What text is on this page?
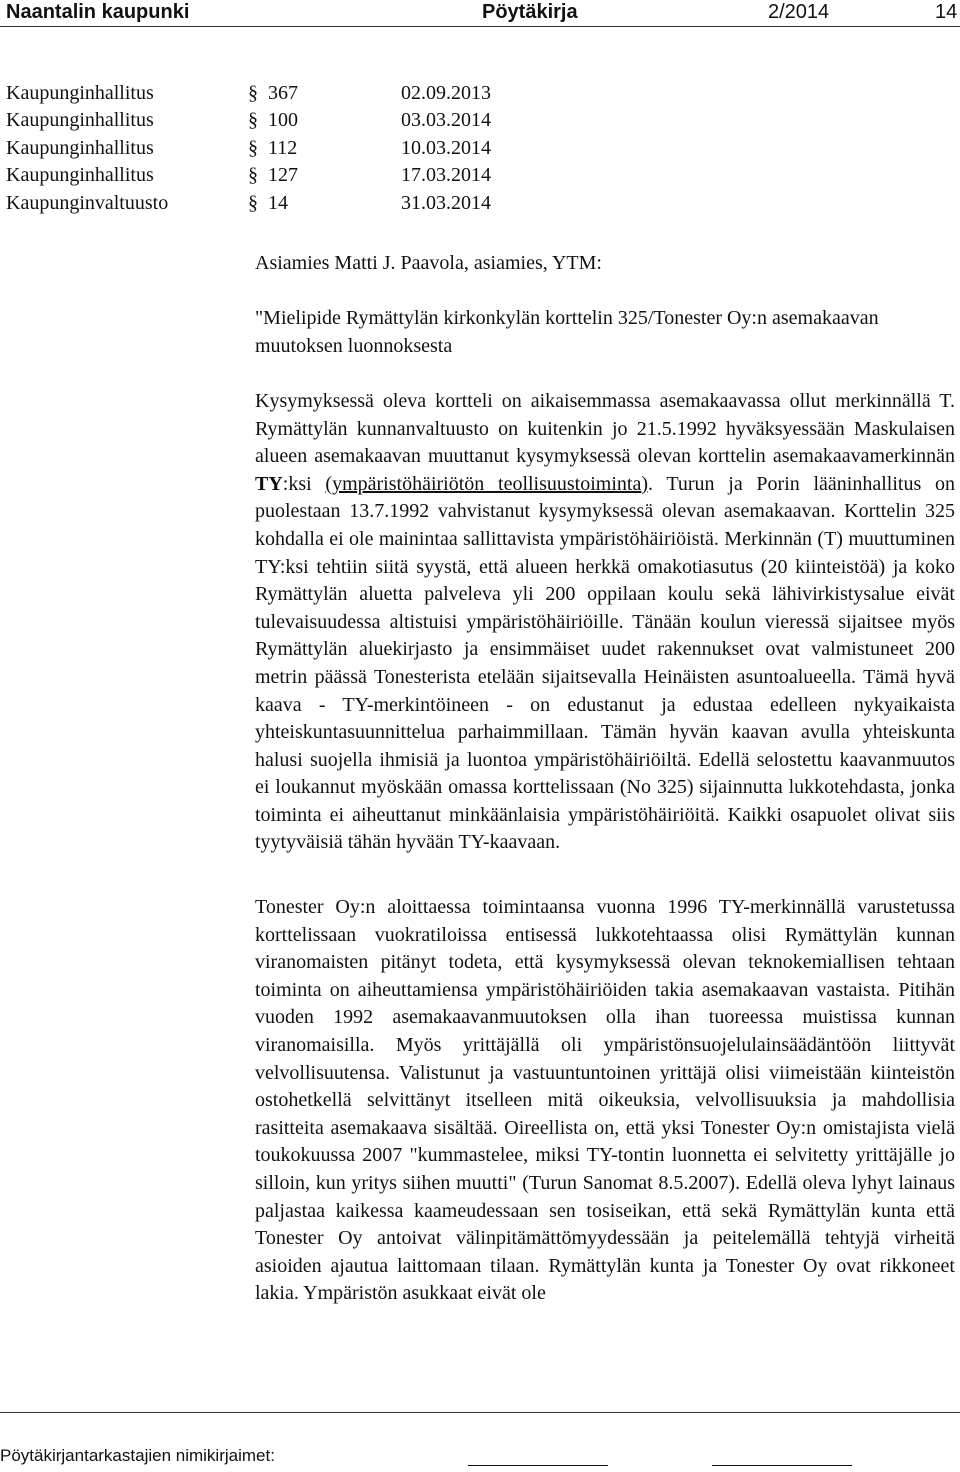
Naantalin kaupunki	Pöytäkirja	2/2014	14
Kaupunginhallitus §	367	02.09.2013
Kaupunginhallitus §	100	03.03.2014
Kaupunginhallitus §	112	10.03.2014
Kaupunginhallitus §	127	17.03.2014
Kaupunginvaltuusto §	14	31.03.2014

Asiamies Matti J. Paavola, asiamies, YTM:

"Mielipide Rymättylän kirkonkylän korttelin 325/Tonester Oy:n asemakaavan muutoksen luonnoksesta

Kysymyksessä oleva kortteli on aikaisemmassa asemakaavassa ollut merkinnällä T. Rymättylän kunnanvaltuusto on kuitenkin jo 21.5.1992 hyväksyessään Maskulaisen alueen asemakaavan muuttanut kysymyksessä olevan korttelin asemakaavamerkinnän TY:ksi (ympäristöhäiriötön teollisuustoiminta). Turun ja Porin lääninhallitus on puolestaan 13.7.1992 vahvistanut kysymyksessä olevan asemakaavan. Korttelin 325 kohdalla ei ole mainintaa sallittavista ympäristöhäiriöistä. Merkinnän (T) muuttuminen TY:ksi tehtiin siitä syystä, että alueen herkkä omakotiasutus (20 kiinteistöä) ja koko Rymättylän aluetta palveleva yli 200 oppilaan koulu sekä lähivirkistysalue eivät tulevaisuudessa altistuisi ympäristöhäiriöille. Tänään koulun vieressä sijaitsee myös Rymättylän aluekirjasto ja ensimmäiset uudet rakennukset ovat valmistuneet 200 metrin päässä Tonesterista etelään sijaitsevalla Heinäisten asuntoalueella. Tämä hyvä kaava - TY-merkintöineen - on edustanut ja edustaa edelleen nykyaikaista yhteiskuntasuunnittelua parhaimmillaan. Tämän hyvän kaavan avulla yhteiskunta halusi suojella ihmisiä ja luontoa ympäristöhäiriöiltä. Edellä selostettu kaavanmuutos ei loukannut myöskään omassa korttelissaan (No 325) sijainnutta lukkotehdasta, jonka toiminta ei aiheuttanut minkäänlaisia ympäristöhäiriöitä. Kaikki osapuolet olivat siis tyytyväisiä tähän hyvään TY-kaavaan.

Tonester Oy:n aloittaessa toimintaansa vuonna 1996 TY-merkinnällä varustetussa korttelissaan vuokratiloissa entisessä lukkotehtaassa olisi Rymättylän kunnan viranomaisten pitänyt todeta, että kysymyksessä olevan teknokemiallisen tehtaan toiminta on aiheuttamiensa ympäristöhäiriöiden takia asemakaavan vastaista. Pitihän vuoden 1992 asemakaavanmuutoksen olla ihan tuoreessa muistissa kunnan viranomaisilla. Myös yrittäjällä oli ympäristönsuojelulainsäädäntöön liittyvät velvollisuutensa. Valistunut ja vastuuntuntoinen yrittäjä olisi viimeistään kiinteistön ostohetkellä selvittänyt itselleen mitä oikeuksia, velvollisuuksia ja mahdollisia rasitteita asemakaava sisältää. Oireellista on, että yksi Tonester Oy:n omistajista vielä toukokuussa 2007 "kummastelee, miksi TY-tontin luonnetta ei selvitetty yrittäjälle jo silloin, kun yritys siihen muutti" (Turun Sanomat 8.5.2007). Edellä oleva lyhyt lainaus paljastaa kaikessa kaameudessaan sen tosiseikan, että sekä Rymättylän kunta että Tonester Oy antoivat välinpitämättömyydessään ja peitelemällä tehtyjä virheitä asioiden ajautua laittomaan tilaan. Rymättylän kunta ja Tonester Oy ovat rikkoneet lakia. Ympäristön asukkaat eivät ole

Pöytäkirjantarkastajien nimikirjaimet:
